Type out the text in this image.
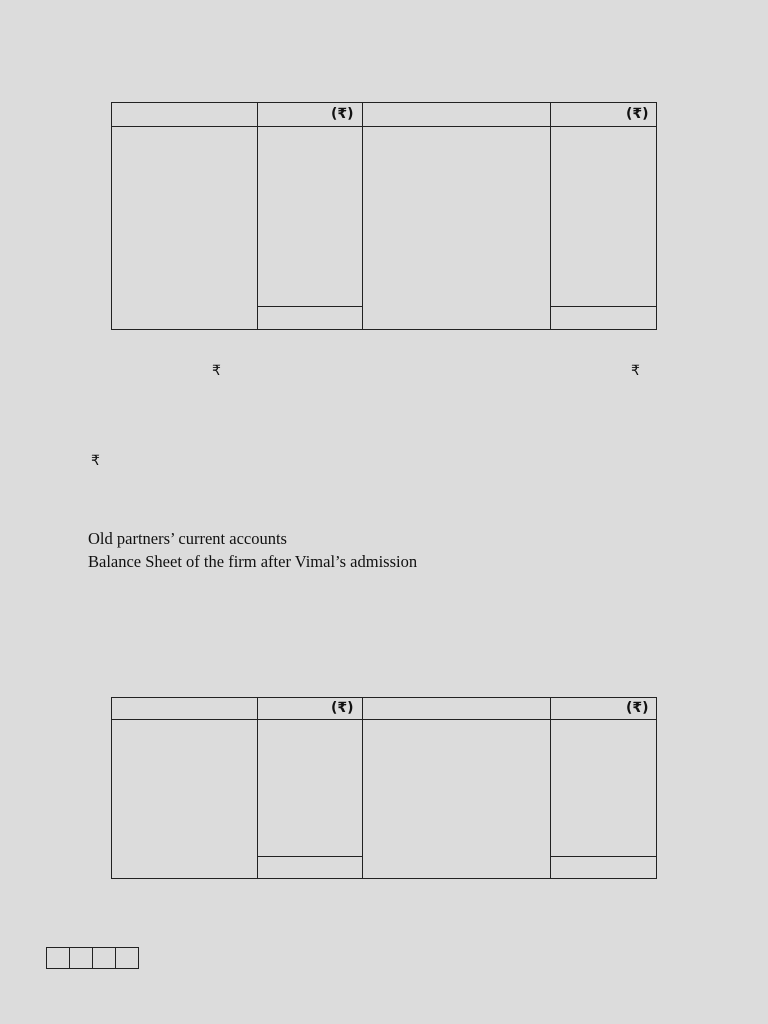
(₹)	(₹)
₹	₹
₹
Old partners’ current accounts
Balance Sheet of the firm after Vimal’s admission
(₹)	(₹)
